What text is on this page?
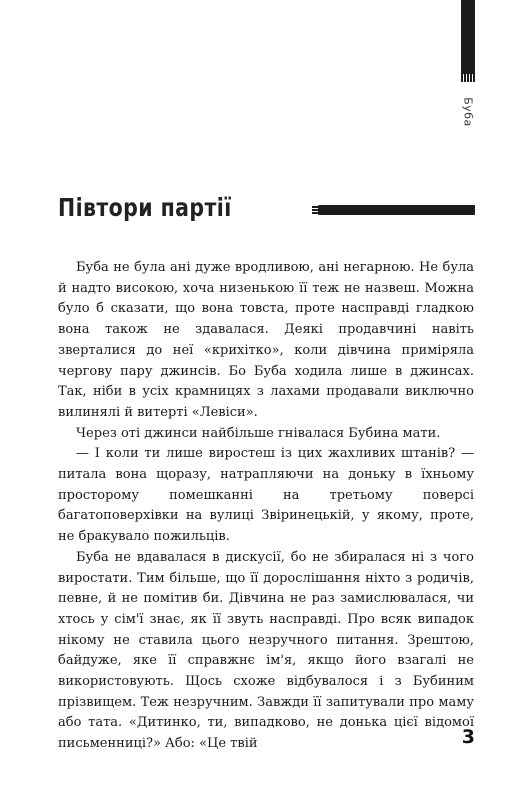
Буба
Півтори партії

Буба не була ані дуже вродливою, ані негарною. Не була й надто високою, хоча низенькою її теж не назвеш. Можна було б сказати, що вона товста, проте насправді гладкою вона також не здавалася. Деякі продавчині навіть зверталися до неї «крихітко», коли дівчина приміряла чергову пару джинсів. Бо Буба ходила лише в джинсах. Так, ніби в усіх крамницях з лахами продавали виключно вилинялі й витерті «Левіси».

Через оті джинси найбільше гнівалася Бубина мати.

— І коли ти лише виростеш із цих жахливих штанів? — питала вона щоразу, натрапляючи на доньку в їхньому просторому помешканні на третьому поверсі багатоповерхівки на вулиці Звіринецькій, у якому, проте, не бракувало пожильців.

Буба не вдавалася в дискусії, бо не збиралася ні з чого виростати. Тим більше, що її дорослішання ніхто з родичів, певне, й не помітив би. Дівчина не раз замислювалася, чи хтось у сім'ї знає, як її звуть насправді. Про всяк випадок нікому не ставила цього незручного питання. Зрештою, байдуже, яке її справжнє ім'я, якщо його взагалі не використовують. Щось схоже відбувалося і з Бубиним прізвищем. Теж незручним. Завжди її запитували про маму або тата. «Дитинко, ти, випадково, не донька цієї відомої письменниці?» Або: «Це твій	3
